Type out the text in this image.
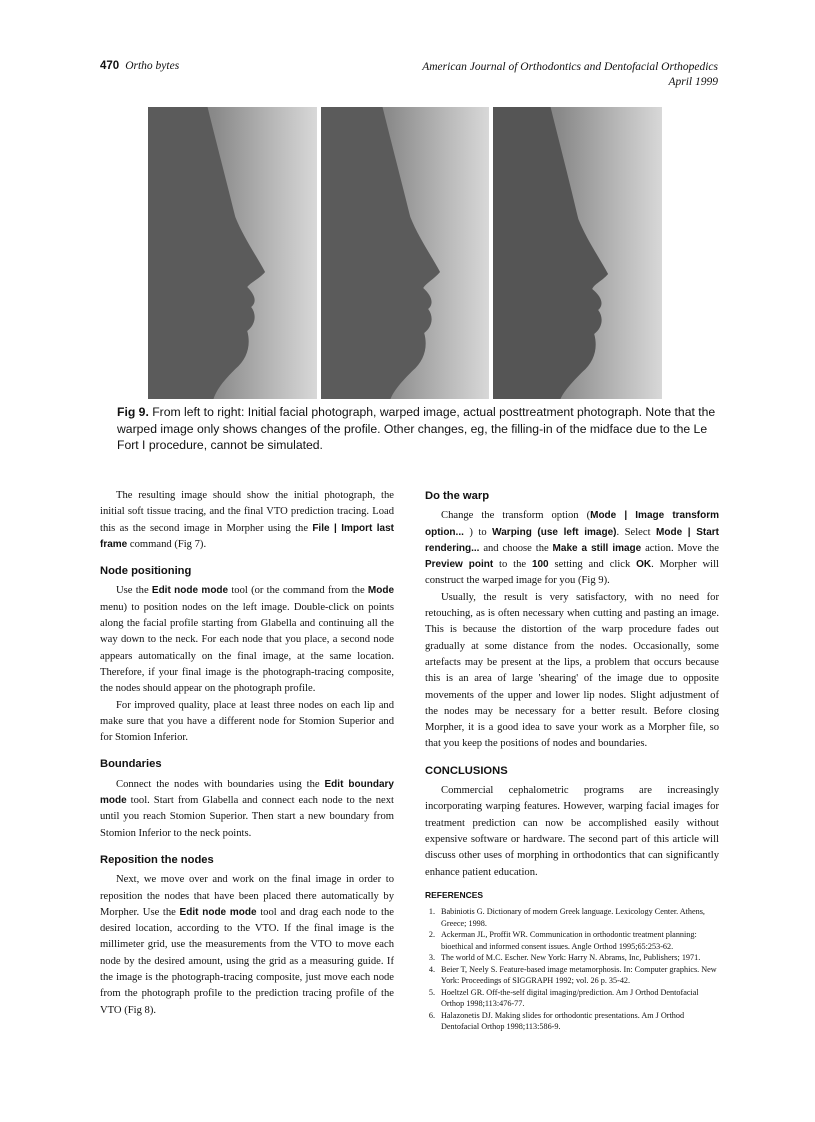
470 Ortho bytes	American Journal of Orthodontics and Dentofacial Orthopedics
April 1999
Fig 9. From left to right: Initial facial photograph, warped image, actual posttreatment photograph. Note that the warped image only shows changes of the profile. Other changes, eg, the filling-in of the midface due to the Le Fort I procedure, cannot be simulated.

The resulting image should show the initial photograph, the initial soft tissue tracing, and the final VTO prediction tracing. Load this as the second image in Morpher using the File | Import last frame command (Fig 7).

Node positioning

Use the Edit node mode tool (or the command from the Mode menu) to position nodes on the left image. Double-click on points along the facial profile starting from Glabella and continuing all the way down to the neck. For each node that you place, a second node appears automatically on the final image, at the same location. Therefore, if your final image is the photograph-tracing composite, the nodes should appear on the photograph profile.

For improved quality, place at least three nodes on each lip and make sure that you have a different node for Stomion Superior and for Stomion Inferior.

Boundaries

Connect the nodes with boundaries using the Edit boundary mode tool. Start from Glabella and connect each node to the next until you reach Stomion Superior. Then start a new boundary from Stomion Inferior to the neck points.

Reposition the nodes

Next, we move over and work on the final image in order to reposition the nodes that have been placed there automatically by Morpher. Use the Edit node mode tool and drag each node to the desired location, according to the VTO. If the final image is the millimeter grid, use the measurements from the VTO to move each node by the desired amount, using the grid as a measuring guide. If the image is the photograph-tracing composite, just move each node from the photograph profile to the prediction tracing profile of the VTO (Fig 8).

Do the warp

Change the transform option (Mode | Image transform option... ) to Warping (use left image). Select Mode | Start rendering... and choose the Make a still image action. Move the Preview point to the 100 setting and click OK. Morpher will construct the warped image for you (Fig 9).

Usually, the result is very satisfactory, with no need for retouching, as is often necessary when cutting and pasting an image. This is because the distortion of the warp procedure fades out gradually at some distance from the nodes. Occasionally, some artefacts may be present at the lips, a problem that occurs because this is an area of large 'shearing' of the image due to opposite movements of the upper and lower lip nodes. Slight adjustment of the nodes may be necessary for a better result. Before closing Morpher, it is a good idea to save your work as a Morpher file, so that you keep the positions of nodes and boundaries.

CONCLUSIONS

Commercial cephalometric programs are increasingly incorporating warping features. However, warping facial images for treatment prediction can now be accomplished easily without expensive software or hardware. The second part of this article will discuss other uses of morphing in orthodontics that can significantly enhance patient education.

REFERENCES
1. Babiniotis G. Dictionary of modern Greek language. Lexicology Center. Athens, Greece; 1998.
2. Ackerman JL, Proffit WR. Communication in orthodontic treatment planning: bioethical and informed consent issues. Angle Orthod 1995;65:253-62.
3. The world of M.C. Escher. New York: Harry N. Abrams, Inc, Publishers; 1971.
4. Beier T, Neely S. Feature-based image metamorphosis. In: Computer graphics. New York: Proceedings of SIGGRAPH 1992; vol. 26 p. 35-42.
5. Hoeltzel GR. Off-the-self digital imaging/prediction. Am J Orthod Dentofacial Orthop 1998;113:476-77.
6. Halazonetis DJ. Making slides for orthodontic presentations. Am J Orthod Dentofacial Orthop 1998;113:586-9.
